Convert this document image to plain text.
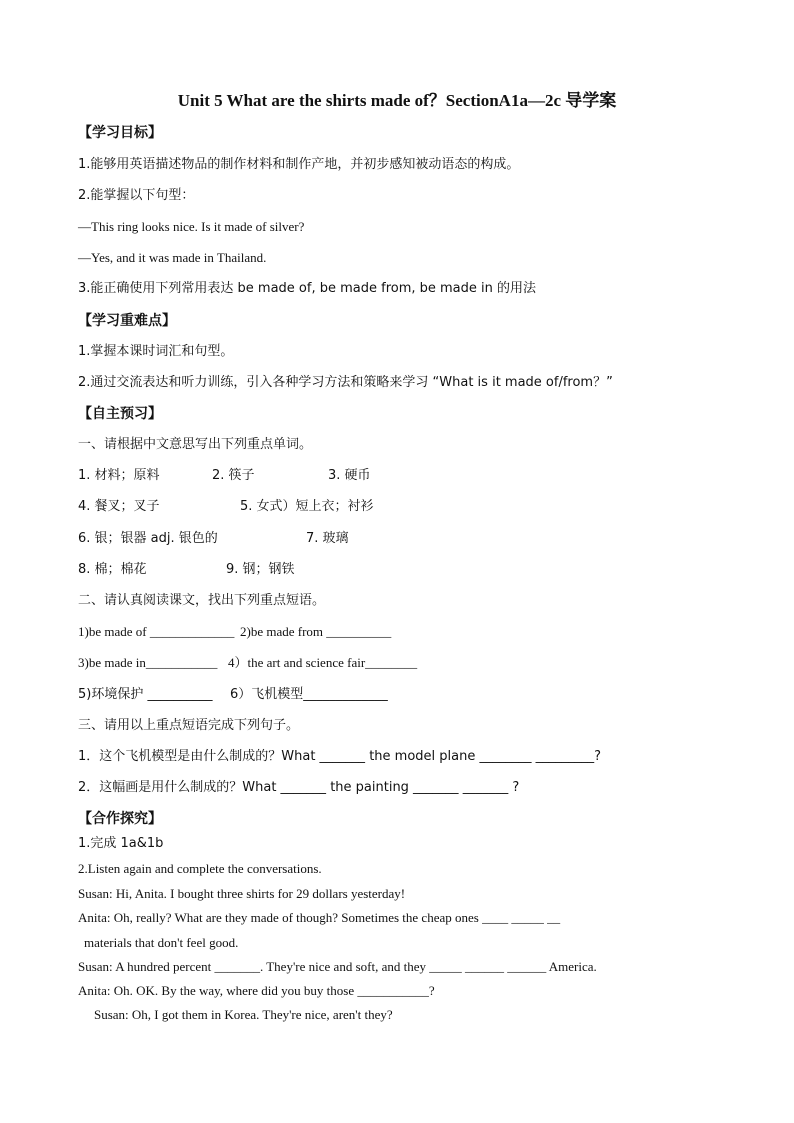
Unit 5 What are the shirts made of？SectionA1a—2c 导学案
【学习目标】
1.能够用英语描述物品的制作材料和制作产地，并初步感知被动语态的构成。
2.能掌握以下句型：
—This ring looks nice. Is it made of silver?
—Yes, and it was made in Thailand.
3.能正确使用下列常用表达 be made of, be made from, be made in 的用法
【学习重难点】
1.掌握本课时词汇和句型。
2.通过交流表达和听力训练，引入各种学习方法和策略来学习 “What is it made of/from？”
【自主预习】
一、请根据中文意思写出下列重点单词。
1. 材料；原料	2. 筷子	3. 硬币
4. 餐叉；叉子	5. 女式）短上衣；衬衫
6. 银；银器 adj. 银色的	7. 玻璃
8. 棉；棉花	9. 钢；钢铁
二、请认真阅读课文，找出下列重点短语。
1)be made of _____________ 2)be made from __________
3)be made in___________ 4）the art and science fair________
5)环境保护 __________ 6）飞机模型_____________
三、请用以上重点短语完成下列句子。
1．这个飞机模型是由什么制成的？What _______ the model plane ________ _________?
2．这幅画是用什么制成的？What _______ the painting _______ _______ ?
【合作探究】
1.完成 1a&1b
2.Listen again and complete the conversations.
Susan: Hi, Anita. I bought three shirts for 29 dollars yesterday!
Anita: Oh, really? What are they made of though? Sometimes the cheap ones ____ _____ __
materials that don't feel good.
Susan: A hundred percent _______. They're nice and soft, and they _____ ______ ______ America.
Anita: Oh. OK. By the way, where did you buy those ___________?
Susan: Oh, I got them in Korea. They're nice, aren't they?
